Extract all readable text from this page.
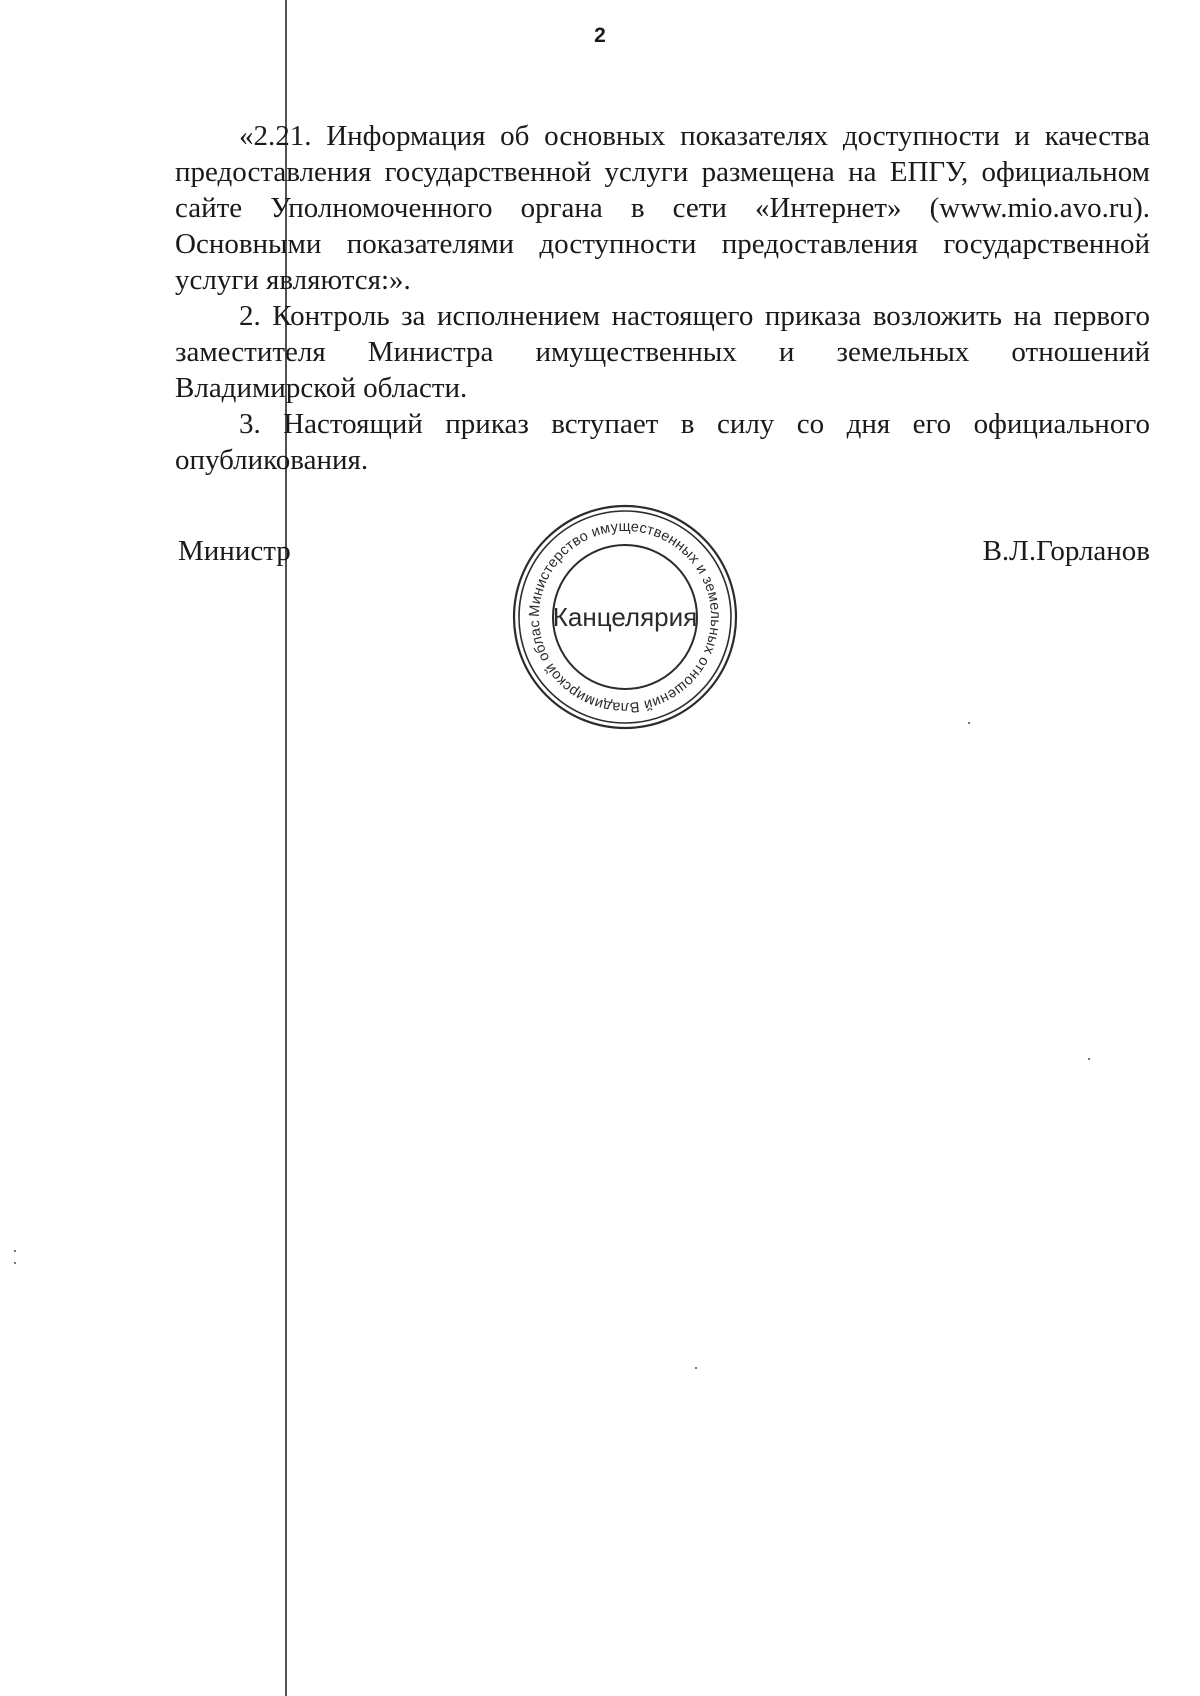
2

«2.21. Информация об основных показателях доступности и качества предоставления государственной услуги размещена на ЕПГУ, официальном сайте Уполномоченного органа в сети «Интернет» (www.mio.avo.ru). Основными показателями доступности предоставления государственной услуги являются:».

2. Контроль за исполнением настоящего приказа возложить на первого заместителя Министра имущественных и земельных отношений Владимирской области.

3. Настоящий приказ вступает в силу со дня его официального опубликования.

Министр	В.Л.Горланов
Министерство имущественных и земельных отношений Владимирской облас Канцелярия
